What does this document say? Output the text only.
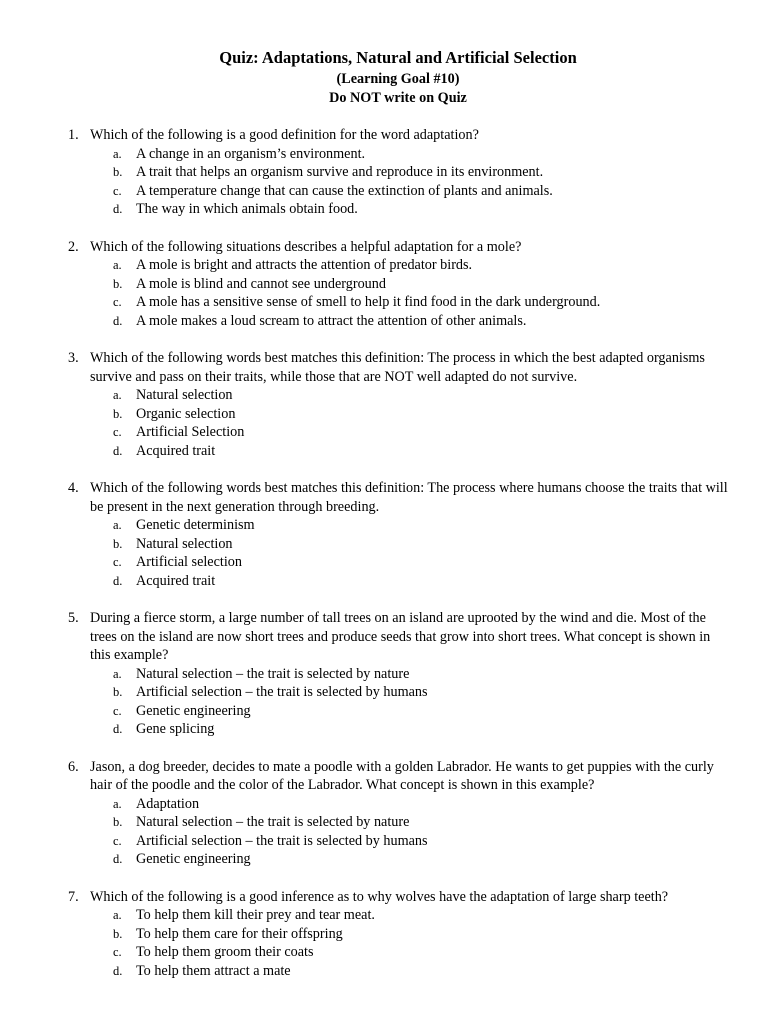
Quiz: Adaptations, Natural and Artificial Selection
(Learning Goal #10)
Do NOT write on Quiz
1. Which of the following is a good definition for the word adaptation?
a.	A change in an organism’s environment.
b. A trait that helps an organism survive and reproduce in its environment.
c.	A temperature change that can cause the extinction of plants and animals.
d. The way in which animals obtain food.
2. Which of the following situations describes a helpful adaptation for a mole?
a.	A mole is bright and attracts the attention of predator birds.
b. A mole is blind and cannot see underground
c.	A mole has a sensitive sense of smell to help it find food in the dark underground.
d. A mole makes a loud scream to attract the attention of other animals.
3. Which of the following words best matches this definition: The process in which the best adapted organisms survive and pass on their traits, while those that are NOT well adapted do not survive.
a.	Natural selection
b. Organic selection
c.	Artificial Selection
d. Acquired trait
4. Which of the following words best matches this definition: The process where humans choose the traits that will be present in the next generation through breeding.
a.	Genetic determinism
b. Natural selection
c.	Artificial selection
d. Acquired trait
5. During a fierce storm, a large number of tall trees on an island are uprooted by the wind and die. Most of the trees on the island are now short trees and produce seeds that grow into short trees. What concept is shown in this example?
a.	Natural selection – the trait is selected by nature
b. Artificial selection – the trait is selected by humans
c.	Genetic engineering
d. Gene splicing
6. Jason, a dog breeder, decides to mate a poodle with a golden Labrador. He wants to get puppies with the curly hair of the poodle and the color of the Labrador. What concept is shown in this example?
a.	Adaptation
b. Natural selection – the trait is selected by nature
c.	Artificial selection – the trait is selected by humans
d. Genetic engineering
7. Which of the following is a good inference as to why wolves have the adaptation of large sharp teeth?
a.	To help them kill their prey and tear meat.
b. To help them care for their offspring
c.	To help them groom their coats
d. To help them attract a mate
